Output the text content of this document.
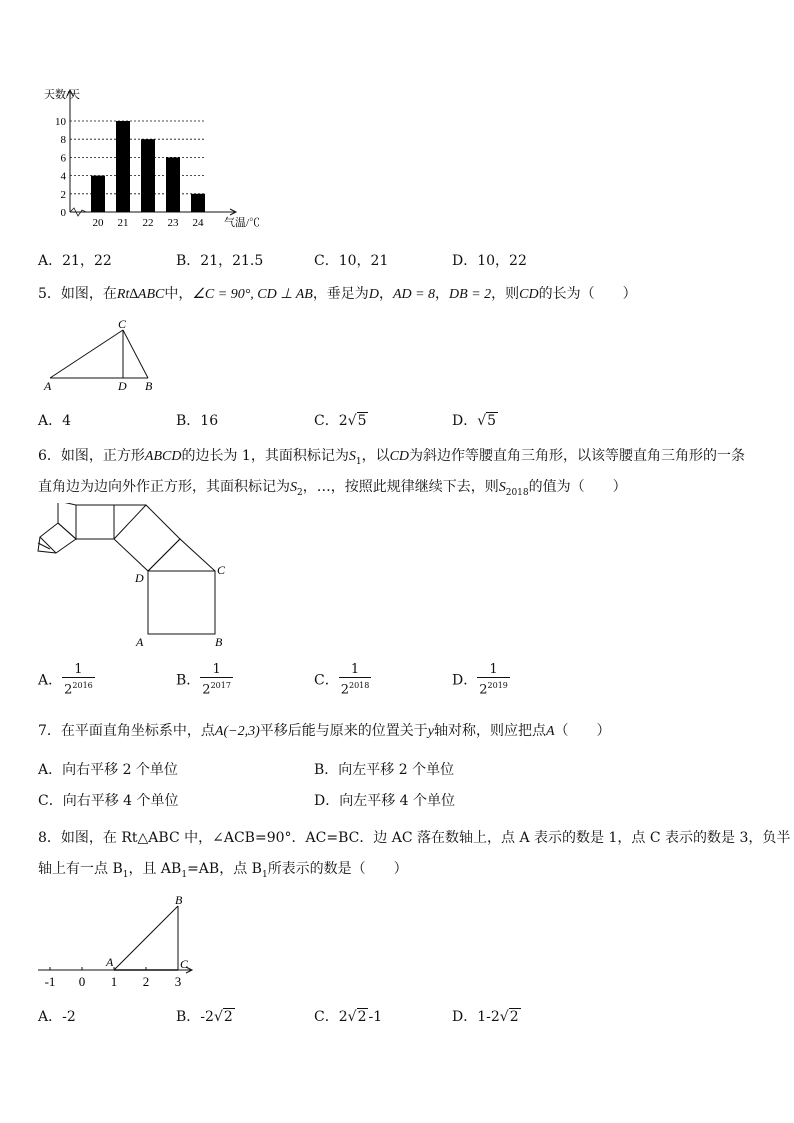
天数/天
气温/℃
0
2
4
6
8
10
20 21 22 23 24
A．21，22	B．21，21.5	C．10，21	D．10，22
5．如图，在Rt∆ABC中，∠C = 90°, CD ⊥ AB，垂足为D，AD = 8，DB = 2，则CD的长为（　　）
A	D B
C
A．4	B．16	C．2√5	D．√5
6．如图，正方形ABCD的边长为 1，其面积标记为$S_1$，以CD为斜边作等腰直角三角形，以该等腰直角三角形的一条
直角边为边向外作正方形，其面积标记为$S_2$，…，按照此规律继续下去，则$S_{2018}$的值为（　　）
D
C
A	B
A． $\frac{1}{2^{2016}}$	B． $\frac{1}{2^{2017}}$	C． $\frac{1}{2^{2018}}$	D． $\frac{1}{2^{2019}}$
7．在平面直角坐标系中，点A(−2,3)平移后能与原来的位置关于y轴对称，则应把点A（　　）
A．向右平移 2 个单位	B．向左平移 2 个单位
C．向右平移 4 个单位	D．向左平移 4 个单位
8．如图，在 Rt△ABC 中，∠ACB=90°．AC=BC．边 AC 落在数轴上，点 A 表示的数是 1，点 C 表示的数是 3，负半
轴上有一点 $B_1$，且 $AB_1=AB$，点 $B_1$所表示的数是（　　）
-1 0 1 2 3
A
B
C
A．-2	B．-2√2	C．2√2 -1	D．1-2√2
